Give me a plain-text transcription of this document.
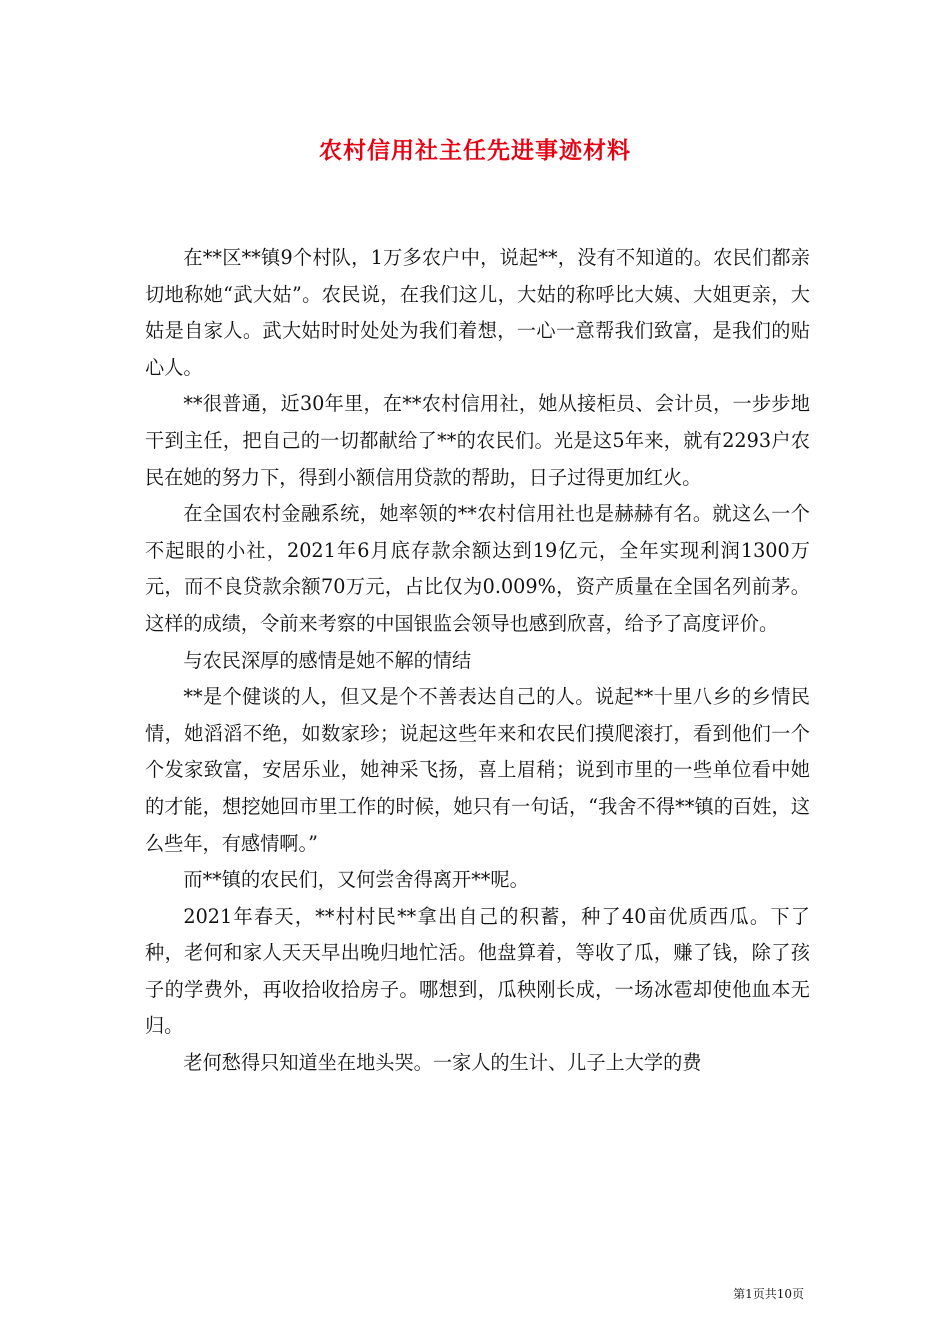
农村信用社主任先进事迹材料

在**区**镇9个村队，1万多农户中，说起**，没有不知道的。农民们都亲切地称她“武大姑”。农民说，在我们这儿，大姑的称呼比大姨、大姐更亲，大姑是自家人。武大姑时时处处为我们着想，一心一意帮我们致富，是我们的贴心人。

**很普通，近30年里，在**农村信用社，她从接柜员、会计员，一步步地干到主任，把自己的一切都献给了**的农民们。光是这5年来，就有2293户农民在她的努力下，得到小额信用贷款的帮助，日子过得更加红火。

在全国农村金融系统，她率领的**农村信用社也是赫赫有名。就这么一个不起眼的小社，2021年6月底存款余额达到19亿元，全年实现利润1300万元，而不良贷款余额70万元，占比仅为0.009%，资产质量在全国名列前茅。这样的成绩，令前来考察的中国银监会领导也感到欣喜，给予了高度评价。

与农民深厚的感情是她不解的情结

**是个健谈的人，但又是个不善表达自己的人。说起**十里八乡的乡情民情，她滔滔不绝，如数家珍；说起这些年来和农民们摸爬滚打，看到他们一个个发家致富，安居乐业，她神采飞扬，喜上眉稍；说到市里的一些单位看中她的才能，想挖她回市里工作的时候，她只有一句话，“我舍不得**镇的百姓，这么些年，有感情啊。”

而**镇的农民们，又何尝舍得离开**呢。

2021年春天，**村村民**拿出自己的积蓄，种了40亩优质西瓜。下了种，老何和家人天天早出晚归地忙活。他盘算着，等收了瓜，赚了钱，除了孩子的学费外，再收拾收拾房子。哪想到，瓜秧刚长成，一场冰雹却使他血本无归。

老何愁得只知道坐在地头哭。一家人的生计、儿子上大学的费

第1页共10页
